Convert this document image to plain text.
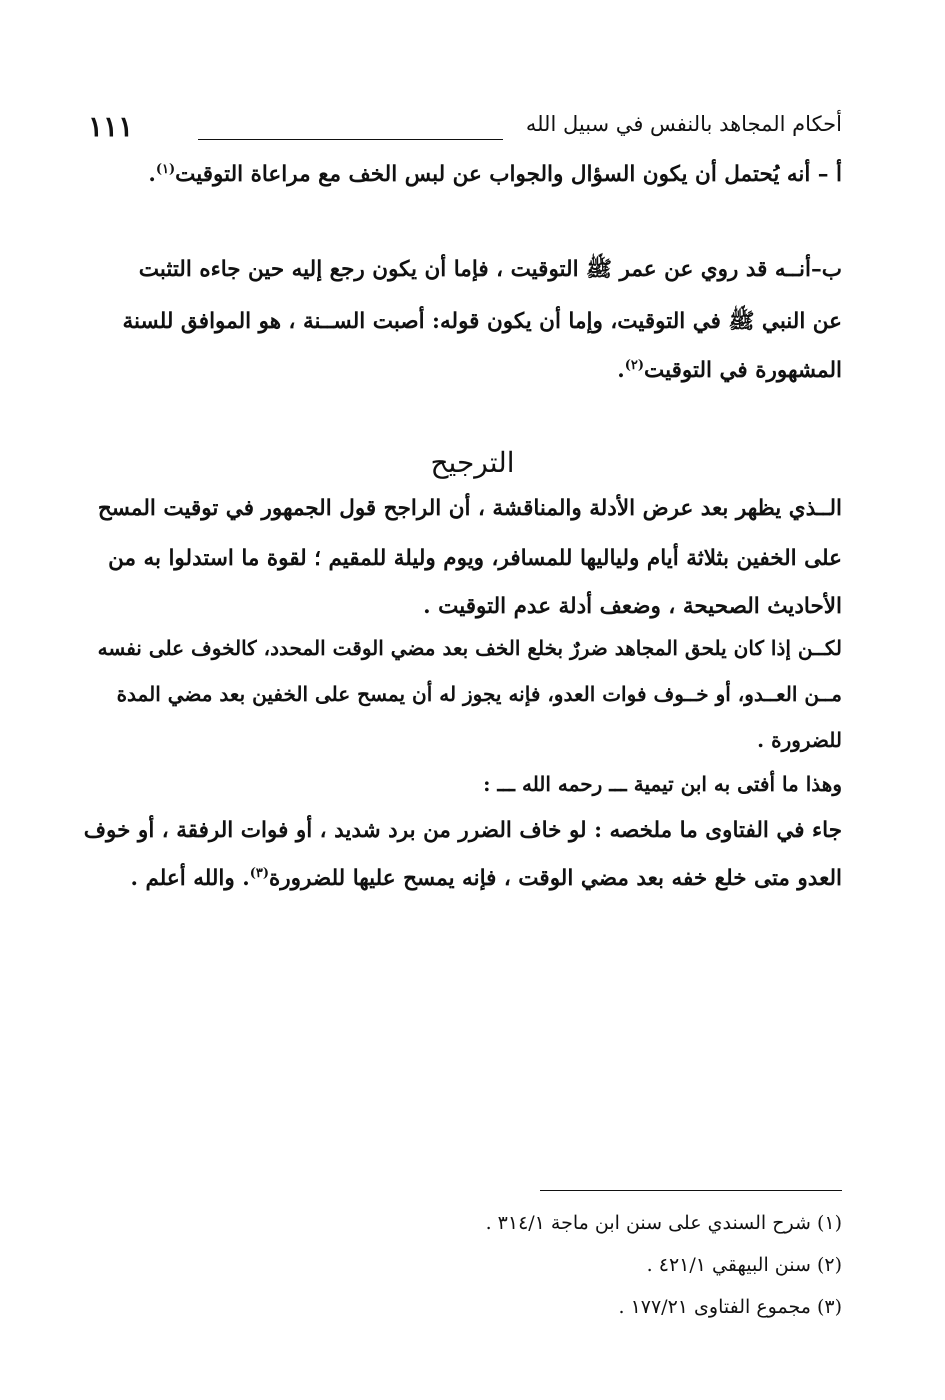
١١١	أحكام المجاهد بالنفس في سبيل الله
أ – أنه يُحتمل أن يكون السؤال والجواب عن لبس الخف مع مراعاة التوقيت$^{(١)}$.
ب–أنــه قد روي عن عمر ﷺ التوقيت ، فإما أن يكون رجع إليه حين جاءه التثبت
عن النبي ﷺ في التوقيت، وإما أن يكون قوله: أصبت الســنة ، هو الموافق للسنة
المشهورة في التوقيت$^{(٢)}$.
الترجيح
الــذي يظهر بعد عرض الأدلة والمناقشة ، أن الراجح قول الجمهور في توقيت المسح
على الخفين بثلاثة أيام ولياليها للمسافر، ويوم وليلة للمقيم ؛ لقوة ما استدلوا به من
الأحاديث الصحيحة ، وضعف أدلة عدم التوقيت .
لكــن إذا كان يلحق المجاهد ضررٌ بخلع الخف بعد مضي الوقت المحدد، كالخوف على نفسه
مــن العــدو، أو خــوف فوات العدو، فإنه يجوز له أن يمسح على الخفين بعد مضي المدة
للضرورة .
وهذا ما أفتى به ابن تيمية ـــ رحمه الله ـــ :
جاء في الفتاوى ما ملخصه : لو خاف الضرر من برد شديد ، أو فوات الرفقة ، أو خوف
العدو متى خلع خفه بعد مضي الوقت ، فإنه يمسح عليها للضرورة$^{(٣)}$. والله أعلم .
(١) شرح السندي على سنن ابن ماجة ٣١٤/١ .
(٢) سنن البيهقي ٤٢١/١ .
(٣) مجموع الفتاوى ١٧٧/٢١ .
